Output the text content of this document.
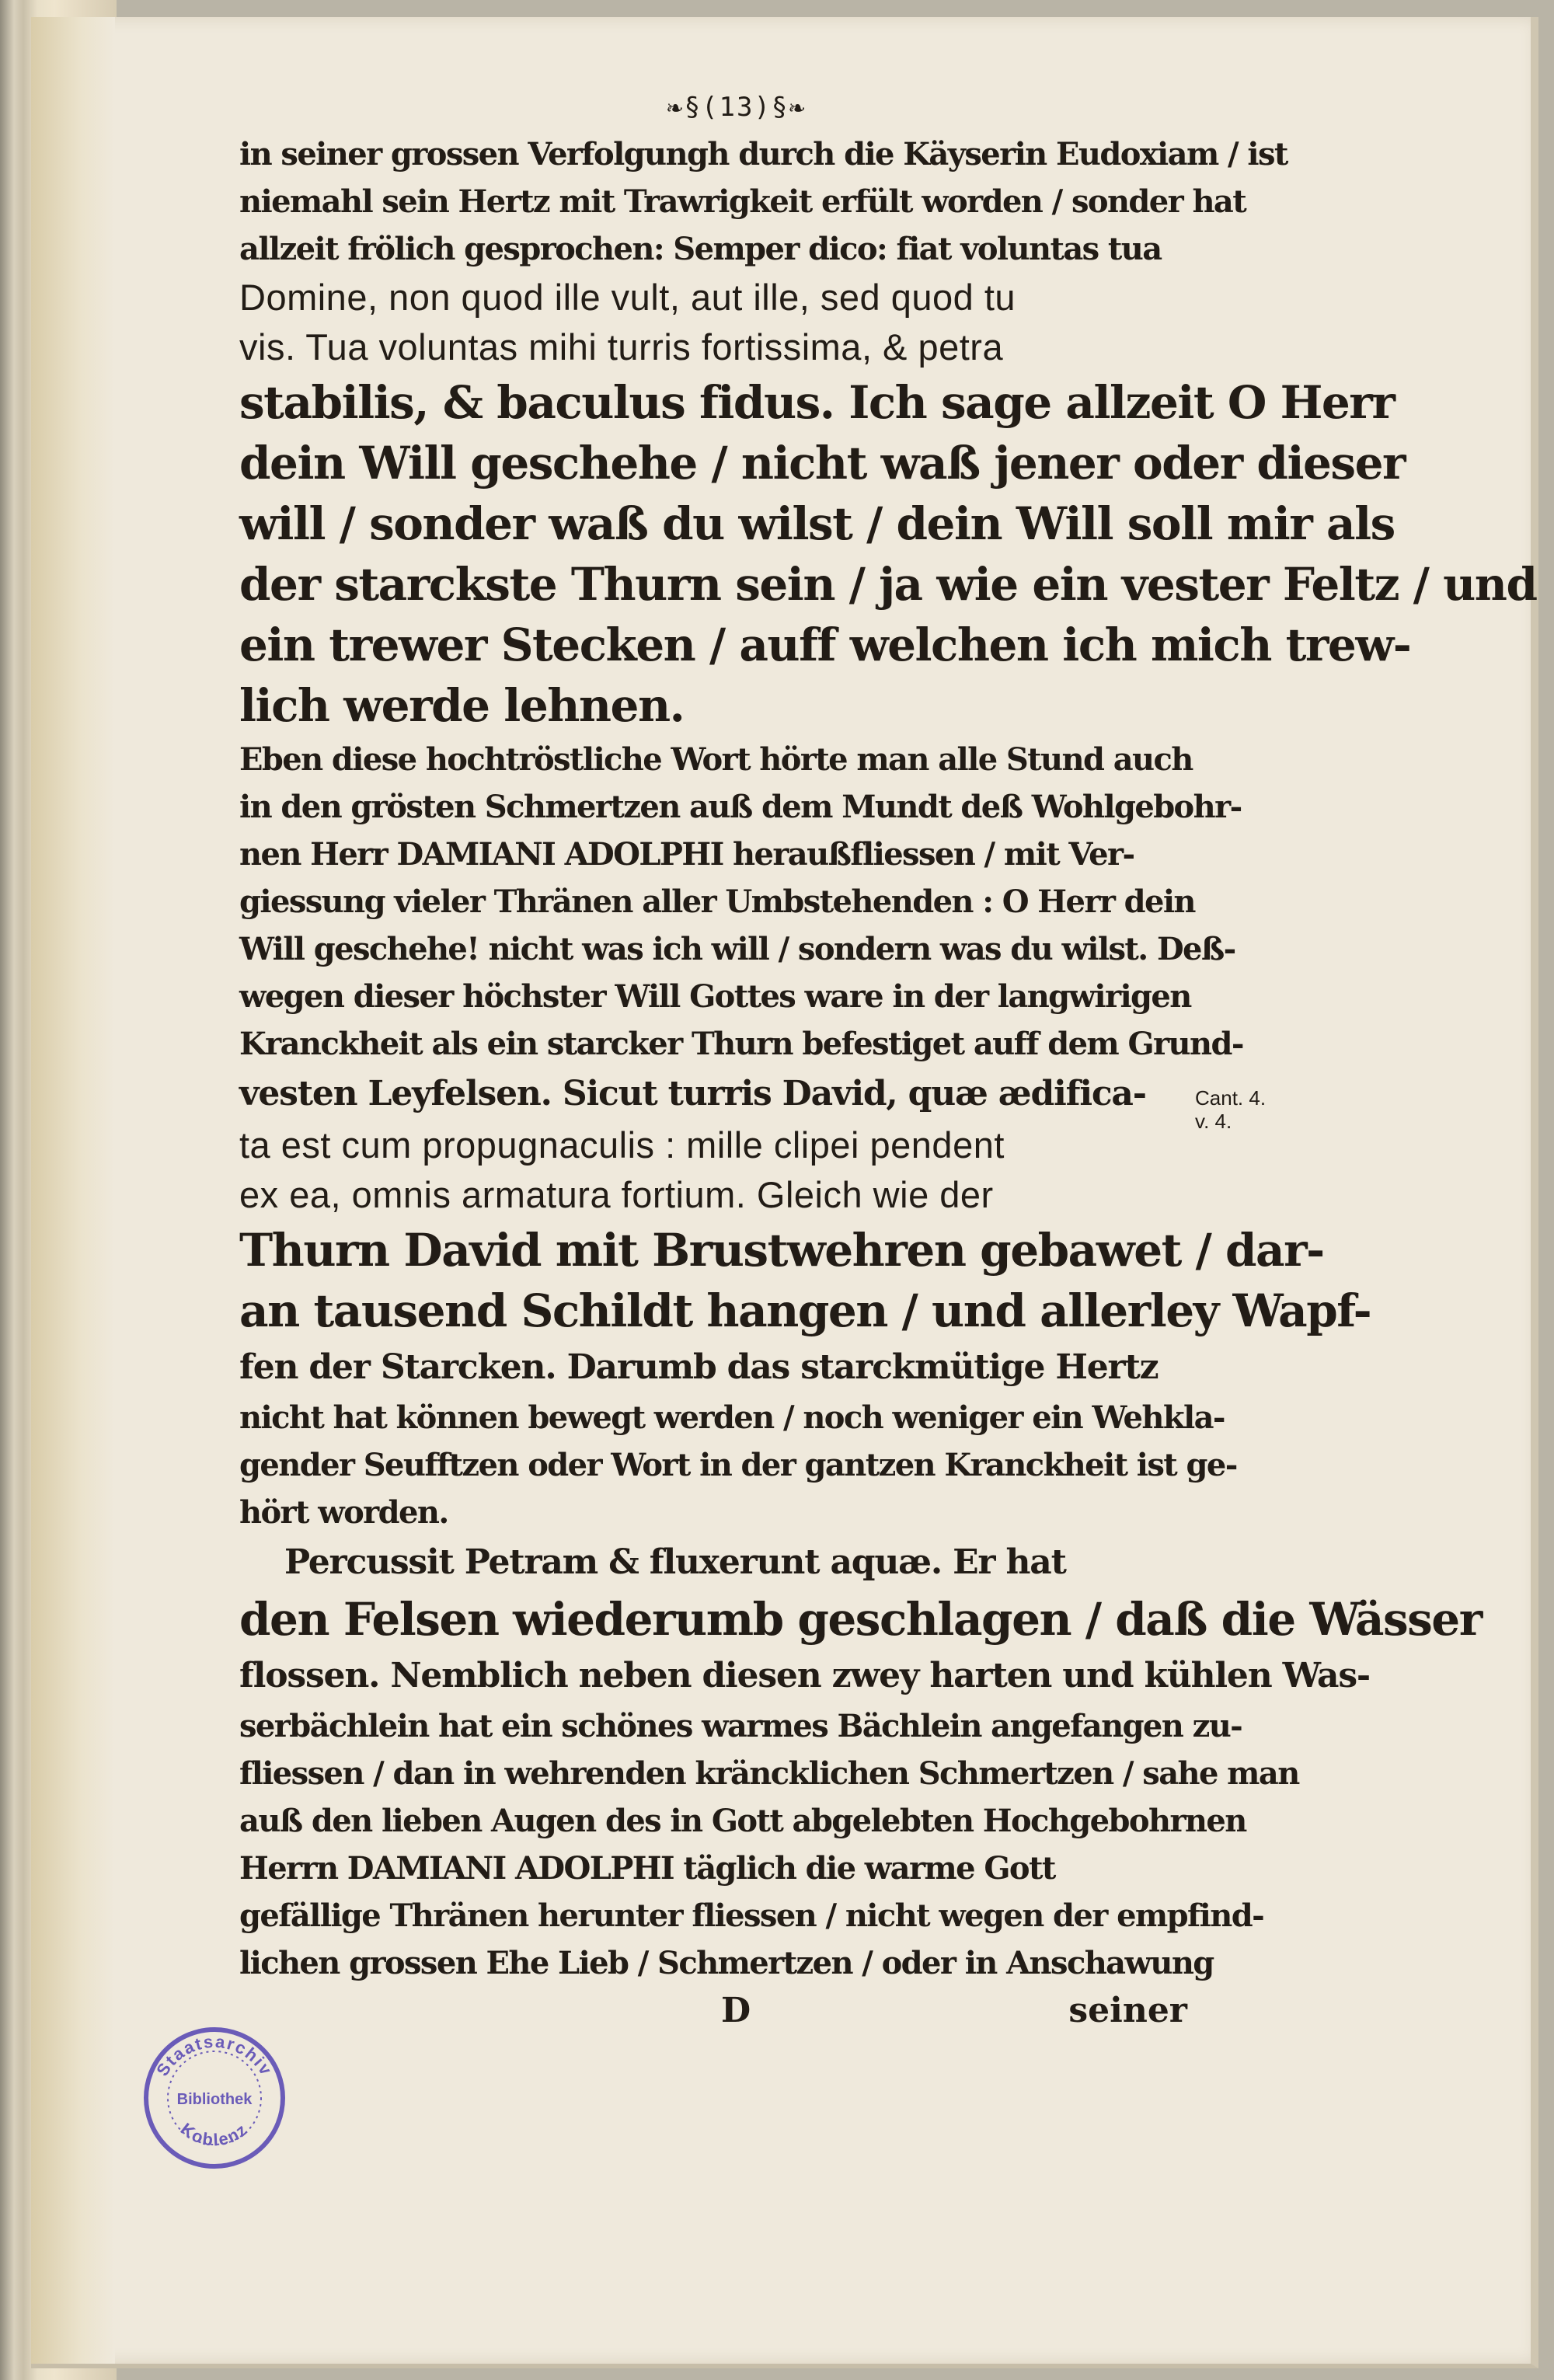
❧§(13)§❧
in seiner grossen Verfolgungh durch die Käyserin Eudoxiam / ist
niemahl sein Hertz mit Trawrigkeit erfült worden / sonder hat
allzeit frölich gesprochen: Semper dico: fiat voluntas tua
Domine, non quod ille vult, aut ille, sed quod tu
vis. Tua voluntas mihi turris fortissima, & petra
stabilis, & baculus fidus. Ich sage allzeit O Herr
dein Will geschehe / nicht waß jener oder dieser
will / sonder waß du wilst / dein Will soll mir als
der starckste Thurn sein / ja wie ein vester Feltz / und
ein trewer Stecken / auff welchen ich mich trew-
lich werde lehnen.
Eben diese hochtröstliche Wort hörte man alle Stund auch
in den grösten Schmertzen auß dem Mundt deß Wohlgebohr-
nen Herr DAMIANI ADOLPHI heraußfliessen / mit Ver-
giessung vieler Thränen aller Umbstehenden : O Herr dein
Will geschehe! nicht was ich will / sondern was du wilst. Deß-
wegen dieser höchster Will Gottes ware in der langwirigen
Kranckheit als ein starcker Thurn befestiget auff dem Grund-
vesten Leyfelsen. Sicut turris David, quæ ædifica-
ta est cum propugnaculis : mille clipei pendent
ex ea, omnis armatura fortium. Gleich wie der
Thurn David mit Brustwehren gebawet / dar-
an tausend Schildt hangen / und allerley Wapf-
fen der Starcken. Darumb das starckmütige Hertz
nicht hat können bewegt werden / noch weniger ein Wehkla-
gender Seufftzen oder Wort in der gantzen Kranckheit ist ge-
hört worden.
Percussit Petram & fluxerunt aquæ. Er hat
den Felsen wiederumb geschlagen / daß die Wässer
flossen. Nemblich neben diesen zwey harten und kühlen Was-
serbächlein hat ein schönes warmes Bächlein angefangen zu-
fliessen / dan in wehrenden kräncklichen Schmertzen / sahe man
auß den lieben Augen des in Gott abgelebten Hochgebohrnen
Herrn DAMIANI ADOLPHI täglich die warme Gott
gefällige Thränen herunter fliessen / nicht wegen der empfind-
lichen grossen Ehe Lieb / Schmertzen / oder in Anschawung
D	seiner
Cant. 4.
v. 4.
Staatsarchiv
Bibliothek
Koblenz
